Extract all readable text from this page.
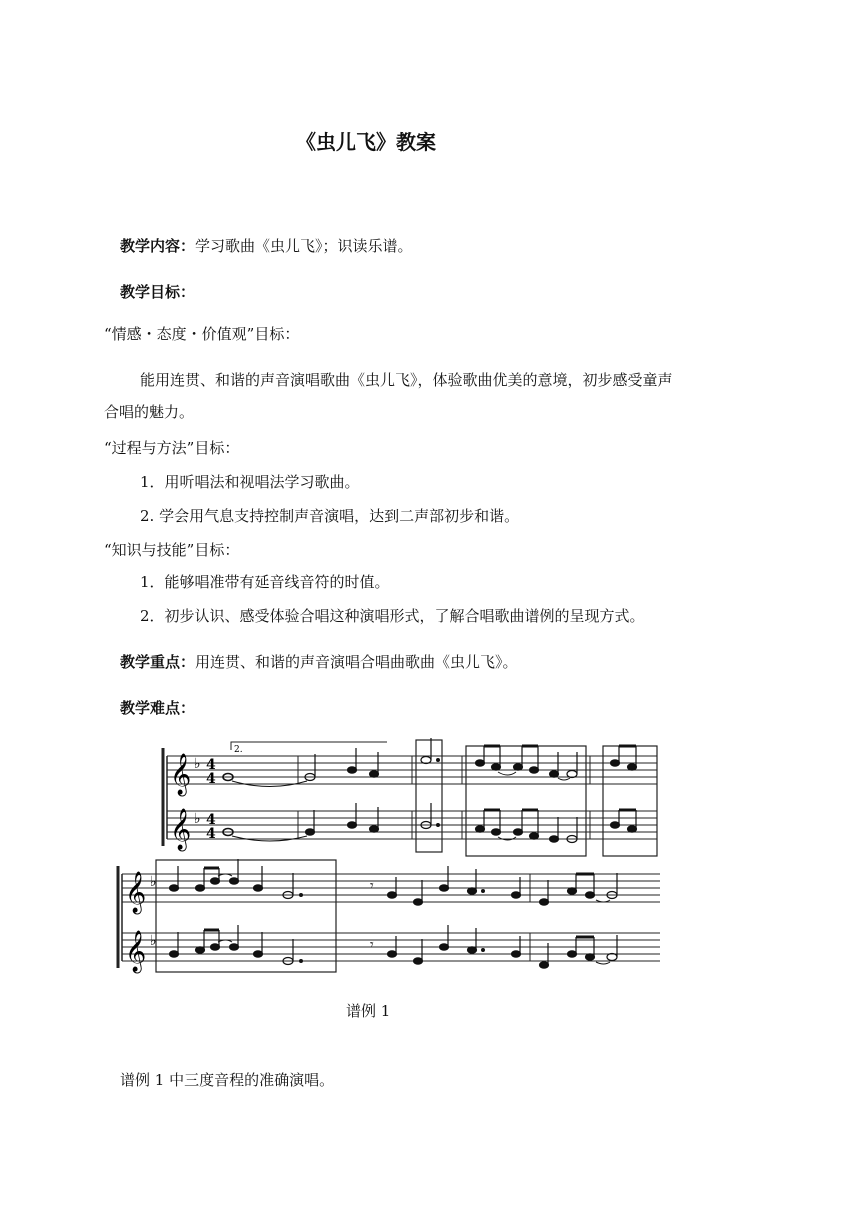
《虫儿飞》教案
教学内容：学习歌曲《虫儿飞》；识读乐谱。
教学目标：
“情感・态度・价值观”目标：
能用连贯、和谐的声音演唱歌曲《虫儿飞》，体验歌曲优美的意境，初步感受童声
合唱的魅力。
“过程与方法”目标：
1．用听唱法和视唱法学习歌曲。
2. 学会用气息支持控制声音演唱，达到二声部初步和谐。
“知识与技能”目标：
1．能够唱准带有延音线音符的时值。
2．初步认识、感受体验合唱这种演唱形式，了解合唱歌曲谱例的呈现方式。
教学重点：用连贯、和谐的声音演唱合唱曲歌曲《虫儿飞》。
教学难点：
2.
𝄞
𝄞
♭
♭
4
4
4
4
𝄞
𝄞
♭
♭
𝄾
𝄾
谱例 1
谱例 1 中三度音程的准确演唱。
